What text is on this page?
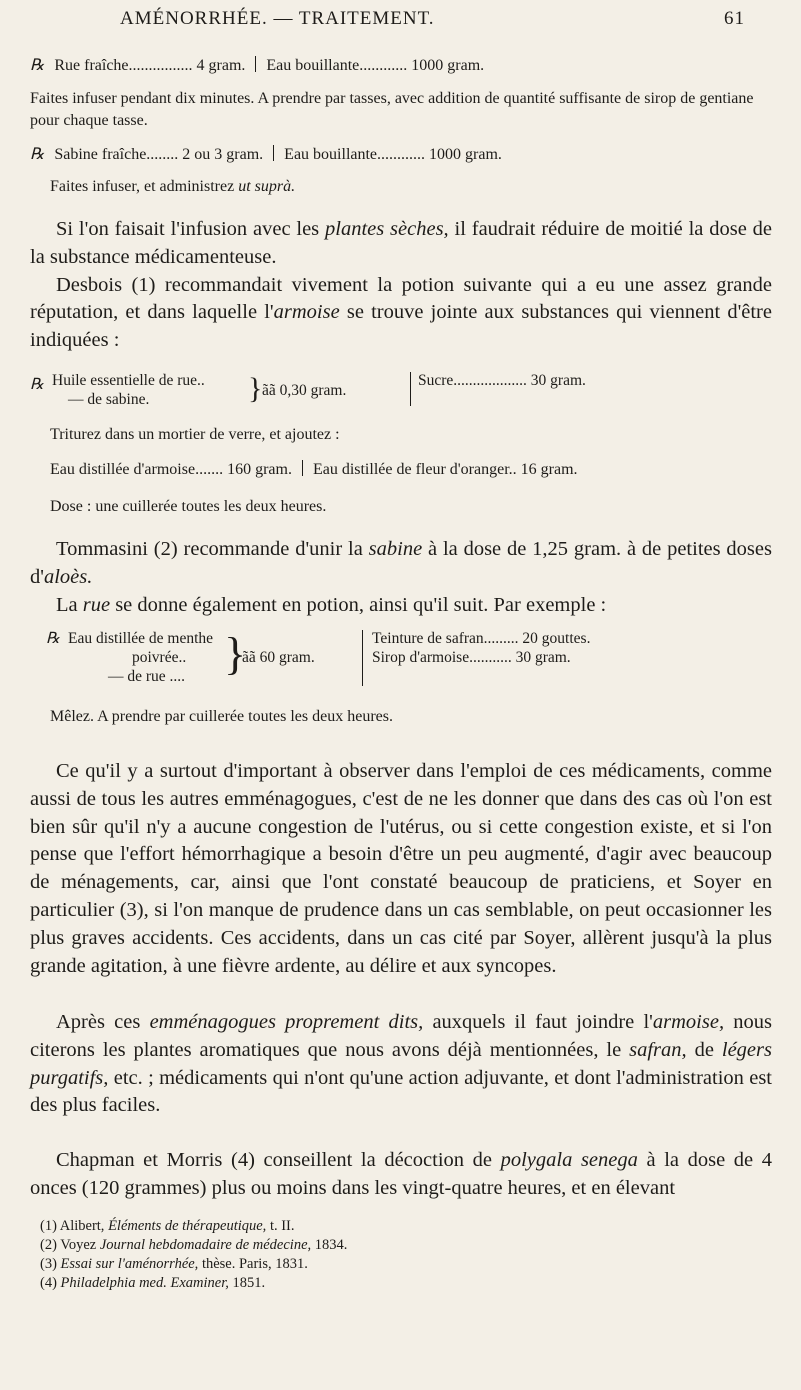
AMÉNORRHÉE. — TRAITEMENT.	61
℞ Rue fraîche................ 4 gram. Eau bouillante............ 1000 gram.
Faites infuser pendant dix minutes. A prendre par tasses, avec addition de quantité suffisante de sirop de gentiane pour chaque tasse.
℞ Sabine fraîche........ 2 ou 3 gram. Eau bouillante............ 1000 gram.
Faites infuser, et administrez ut suprà.
Si l'on faisait l'infusion avec les plantes sèches, il faudrait réduire de moitié la dose de la substance médicamenteuse.
Desbois (1) recommandait vivement la potion suivante qui a eu une assez grande réputation, et dans laquelle l'armoise se trouve jointe aux substances qui viennent d'être indiquées :
℞ Huile essentielle de rue..
— de sabine.	} ãã 0,30 gram.
Sucre................... 30 gram.
Triturez dans un mortier de verre, et ajoutez :
Eau distillée d'armoise....... 160 gram. Eau distillée de fleur d'oranger.. 16 gram.
Dose : une cuillerée toutes les deux heures.
Tommasini (2) recommande d'unir la sabine à la dose de 1,25 gram. à de petites doses d'aloès.
La rue se donne également en potion, ainsi qu'il suit. Par exemple :
℞ Eau distillée de menthe
poivrée..
— de rue .... }
ãã 60 gram.
Teinture de safran......... 20 gouttes.
Sirop d'armoise........... 30 gram.
Mêlez. A prendre par cuillerée toutes les deux heures.
Ce qu'il y a surtout d'important à observer dans l'emploi de ces médicaments, comme aussi de tous les autres emménagogues, c'est de ne les donner que dans des cas où l'on est bien sûr qu'il n'y a aucune congestion de l'utérus, ou si cette congestion existe, et si l'on pense que l'effort hémorrhagique a besoin d'être un peu augmenté, d'agir avec beaucoup de ménagements, car, ainsi que l'ont constaté beaucoup de praticiens, et Soyer en particulier (3), si l'on manque de prudence dans un cas semblable, on peut occasionner les plus graves accidents. Ces accidents, dans un cas cité par Soyer, allèrent jusqu'à la plus grande agitation, à une fièvre ardente, au délire et aux syncopes.
Après ces emménagogues proprement dits, auxquels il faut joindre l'armoise, nous citerons les plantes aromatiques que nous avons déjà mentionnées, le safran, de légers purgatifs, etc. ; médicaments qui n'ont qu'une action adjuvante, et dont l'administration est des plus faciles.
Chapman et Morris (4) conseillent la décoction de polygala senega à la dose de 4 onces (120 grammes) plus ou moins dans les vingt-quatre heures, et en élevant
(1) Alibert, Éléments de thérapeutique, t. II.
(2) Voyez Journal hebdomadaire de médecine, 1834.
(3) Essai sur l'aménorrhée, thèse. Paris, 1831.
(4) Philadelphia med. Examiner, 1851.
